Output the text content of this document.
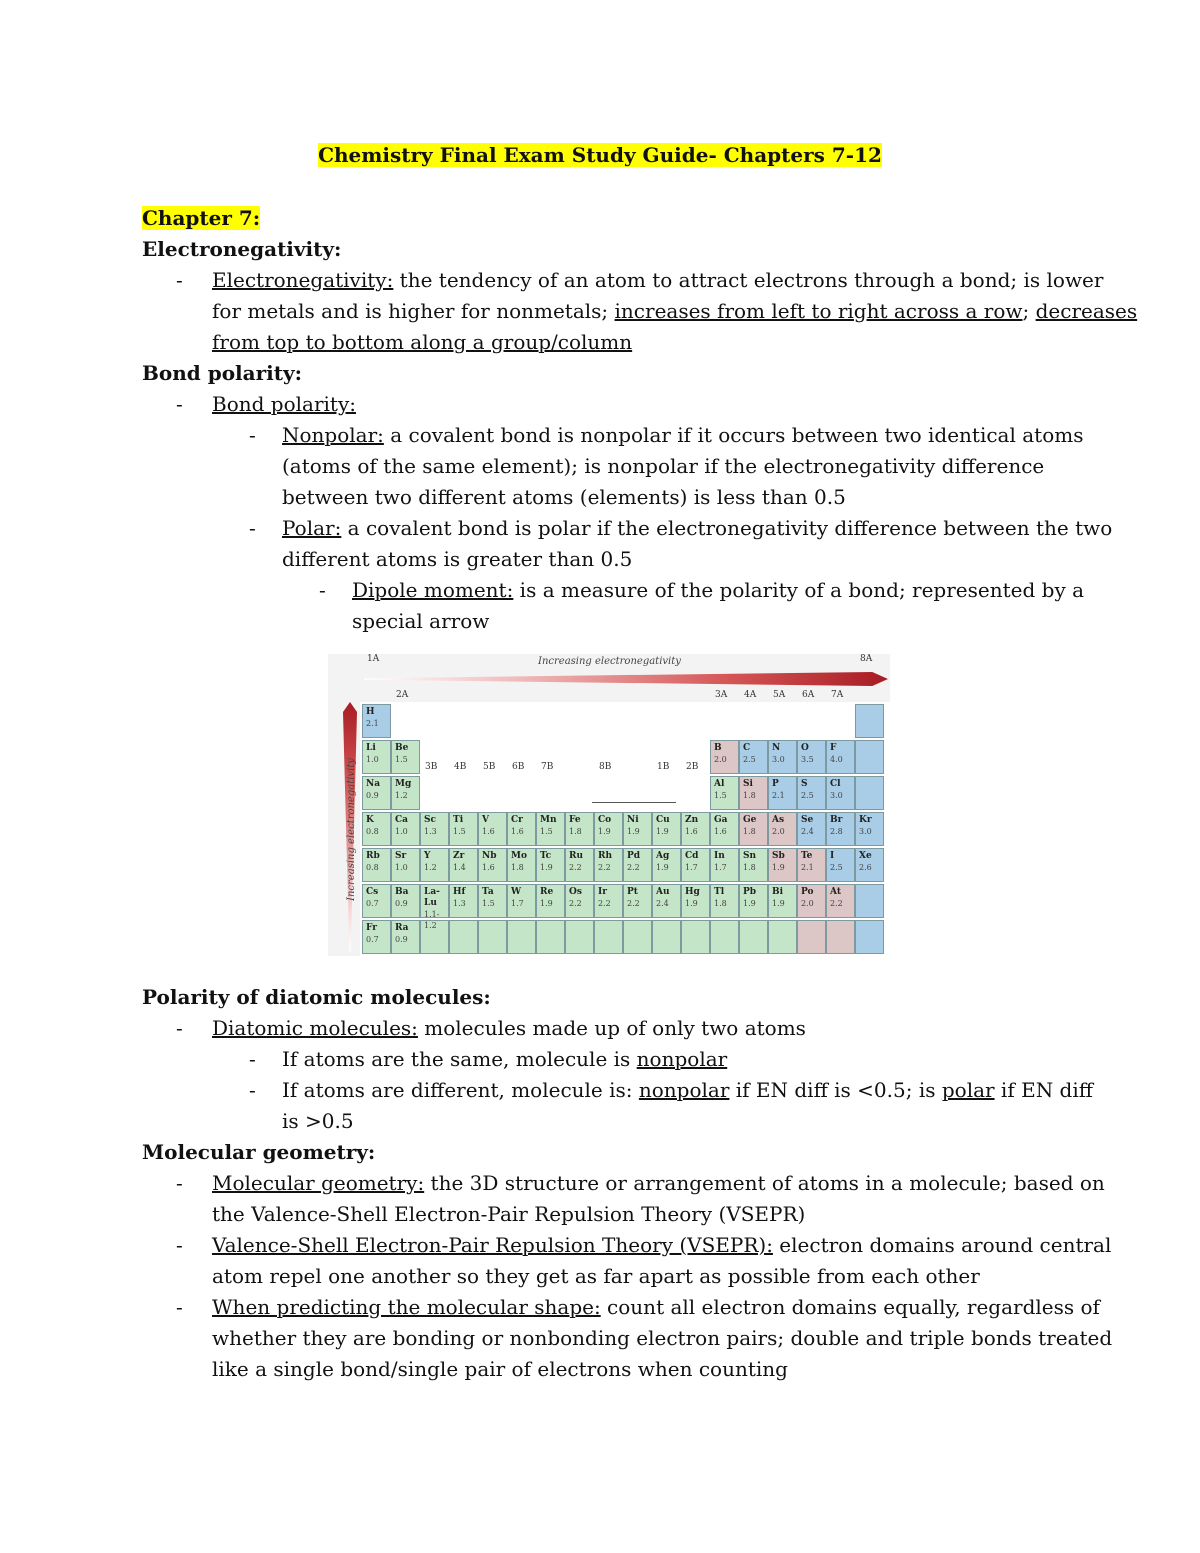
Chemistry Final Exam Study Guide- Chapters 7-12
Chapter 7:
Electronegativity:
- Electronegativity: the tendency of an atom to attract electrons through a bond; is lower
for metals and is higher for nonmetals; increases from left to right across a row; decreases
from top to bottom along a group/column
Bond polarity:
- Bond polarity:
- Nonpolar: a covalent bond is nonpolar if it occurs between two identical atoms
(atoms of the same element); is nonpolar if the electronegativity difference
between two different atoms (elements) is less than 0.5
- Polar: a covalent bond is polar if the electronegativity difference between the two
different atoms is greater than 0.5
- Dipole moment: is a measure of the polarity of a bond; represented by a
special arrow
Increasing electronegativity
Increasing electronegativity
1A
2A
3B 4B 5B 6B 7B	8B	1B 2B
3A 4A 5A 6A 7A
8A
H
2.1
Li
1.0
Be
1.5
B
2.0
C
2.5
N
3.0
O
3.5
F
4.0
Na
0.9
Mg
1.2
Al
1.5
Si
1.8
P
2.1
S
2.5
Cl
3.0
K
0.8
Ca
1.0
Sc
1.3
Ti
1.5
V
1.6
Cr
1.6
Mn
1.5
Fe
1.8
Co
1.9
Ni
1.9
Cu
1.9
Zn
1.6
Ga
1.6
Ge
1.8
As
2.0
Se
2.4
Br
2.8
Kr
3.0
Rb
0.8
Sr
1.0
Y
1.2
Zr
1.4
Nb
1.6
Mo
1.8
Tc
1.9
Ru
2.2
Rh
2.2
Pd
2.2
Ag
1.9
Cd
1.7
In
1.7
Sn
1.8
Sb
1.9
Te
2.1
I
2.5
Xe
2.6
Cs
0.7
Ba
0.9
La-Lu
1.1-1.2
Hf
1.3
Ta
1.5
W
1.7
Re
1.9
Os
2.2
Ir
2.2
Pt
2.2
Au
2.4
Hg
1.9
Tl
1.8
Pb
1.9
Bi
1.9
Po
2.0
At
2.2
Fr
0.7
Ra
0.9
Polarity of diatomic molecules:
- Diatomic molecules: molecules made up of only two atoms
- If atoms are the same, molecule is nonpolar
- If atoms are different, molecule is: nonpolar if EN diff is <0.5; is polar if EN diff
is >0.5
Molecular geometry:
- Molecular geometry: the 3D structure or arrangement of atoms in a molecule; based on
the Valence-Shell Electron-Pair Repulsion Theory (VSEPR)
- Valence-Shell Electron-Pair Repulsion Theory (VSEPR): electron domains around central
atom repel one another so they get as far apart as possible from each other
- When predicting the molecular shape: count all electron domains equally, regardless of
whether they are bonding or nonbonding electron pairs; double and triple bonds treated
like a single bond/single pair of electrons when counting
